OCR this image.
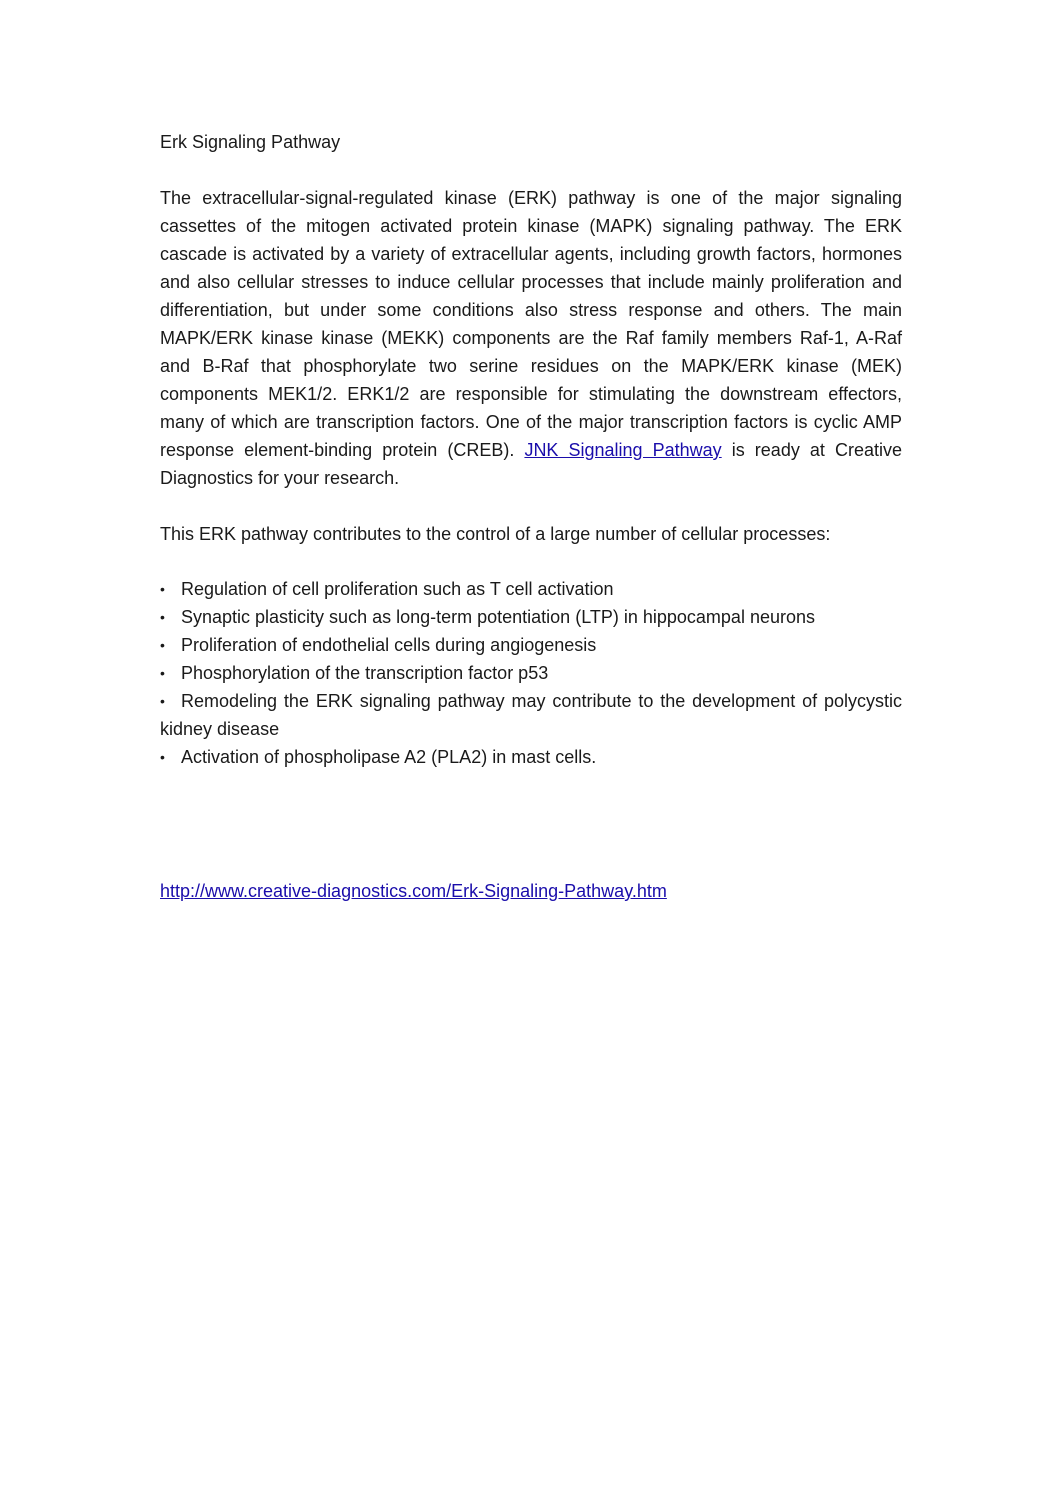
Erk Signaling Pathway

The extracellular-signal-regulated kinase (ERK) pathway is one of the major signaling cassettes of the mitogen activated protein kinase (MAPK) signaling pathway. The ERK cascade is activated by a variety of extracellular agents, including growth factors, hormones and also cellular stresses to induce cellular processes that include mainly proliferation and differentiation, but under some conditions also stress response and others. The main MAPK/ERK kinase kinase (MEKK) components are the Raf family members Raf-1, A-Raf and B-Raf that phosphorylate two serine residues on the MAPK/ERK kinase (MEK) components MEK1/2. ERK1/2 are responsible for stimulating the downstream effectors, many of which are transcription factors. One of the major transcription factors is cyclic AMP response element-binding protein (CREB). JNK Signaling Pathway is ready at Creative Diagnostics for your research.

This ERK pathway contributes to the control of a large number of cellular processes:

• Regulation of cell proliferation such as T cell activation
• Synaptic plasticity such as long-term potentiation (LTP) in hippocampal neurons
• Proliferation of endothelial cells during angiogenesis
• Phosphorylation of the transcription factor p53
• Remodeling the ERK signaling pathway may contribute to the development of polycystic kidney disease
• Activation of phospholipase A2 (PLA2) in mast cells.
http://www.creative-diagnostics.com/Erk-Signaling-Pathway.htm
